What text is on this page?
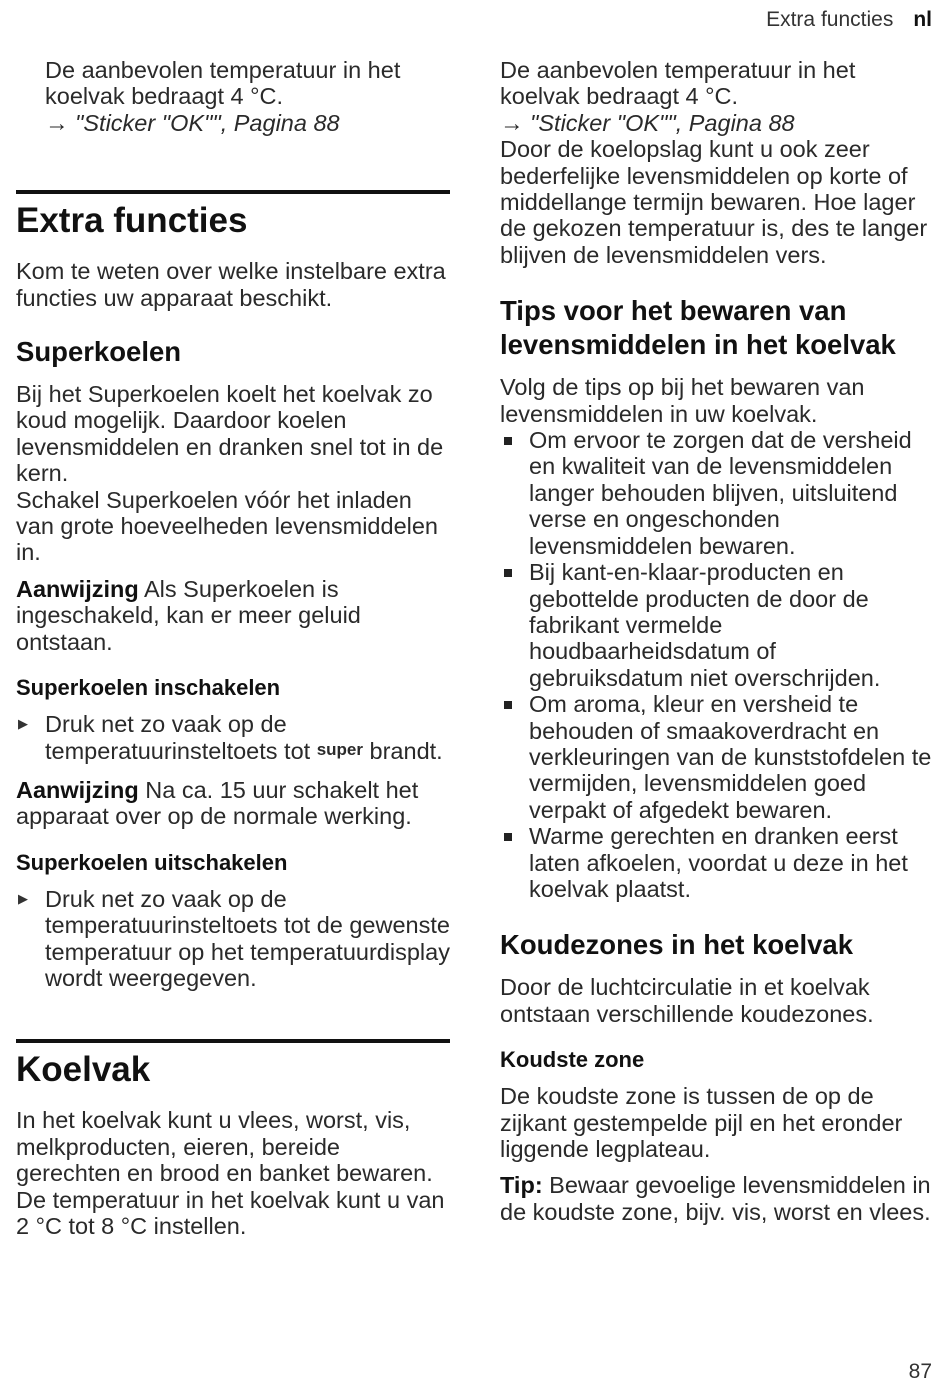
Extra functies nl

De aanbevolen temperatuur in het koelvak bedraagt 4 °C.

→ "Sticker "OK"", Pagina 88

Extra functies

Kom te weten over welke instelbare extra functies uw apparaat beschikt.

Superkoelen

Bij het Superkoelen koelt het koelvak zo koud mogelijk. Daardoor koelen levensmiddelen en dranken snel tot in de kern.

Schakel Superkoelen vóór het inladen van grote hoeveelheden levensmiddelen in.

Aanwijzing Als Superkoelen is ingeschakeld, kan er meer geluid ontstaan.

Superkoelen inschakelen

▶ Druk net zo vaak op de temperatuurinsteltoets tot super brandt.

Aanwijzing Na ca. 15 uur schakelt het apparaat over op de normale werking.

Superkoelen uitschakelen

▶ Druk net zo vaak op de temperatuurinsteltoets tot de gewenste temperatuur op het temperatuurdisplay wordt weergegeven.

Koelvak

In het koelvak kunt u vlees, worst, vis, melkproducten, eieren, bereide gerechten en brood en banket bewaren.

De temperatuur in het koelvak kunt u van 2 °C tot 8 °C instellen.

De aanbevolen temperatuur in het koelvak bedraagt 4 °C.

→ "Sticker "OK"", Pagina 88

Door de koelopslag kunt u ook zeer bederfelijke levensmiddelen op korte of middellange termijn bewaren. Hoe lager de gekozen temperatuur is, des te langer blijven de levensmiddelen vers.

Tips voor het bewaren van levensmiddelen in het koelvak

Volg de tips op bij het bewaren van levensmiddelen in uw koelvak.

Om ervoor te zorgen dat de versheid en kwaliteit van de levensmiddelen langer behouden blijven, uitsluitend verse en ongeschonden levensmiddelen bewaren.

Bij kant-en-klaar-producten en gebottelde producten de door de fabrikant vermelde houdbaarheidsdatum of gebruiksdatum niet overschrijden.

Om aroma, kleur en versheid te behouden of smaakoverdracht en verkleuringen van de kunststofdelen te vermijden, levensmiddelen goed verpakt of afgedekt bewaren.

Warme gerechten en dranken eerst laten afkoelen, voordat u deze in het koelvak plaatst.

Koudezones in het koelvak

Door de luchtcirculatie in et koelvak ontstaan verschillende koudezones.

Koudste zone

De koudste zone is tussen de op de zijkant gestempelde pijl en het eronder liggende legplateau.

Tip: Bewaar gevoelige levensmiddelen in de koudste zone, bijv. vis, worst en vlees.

87
